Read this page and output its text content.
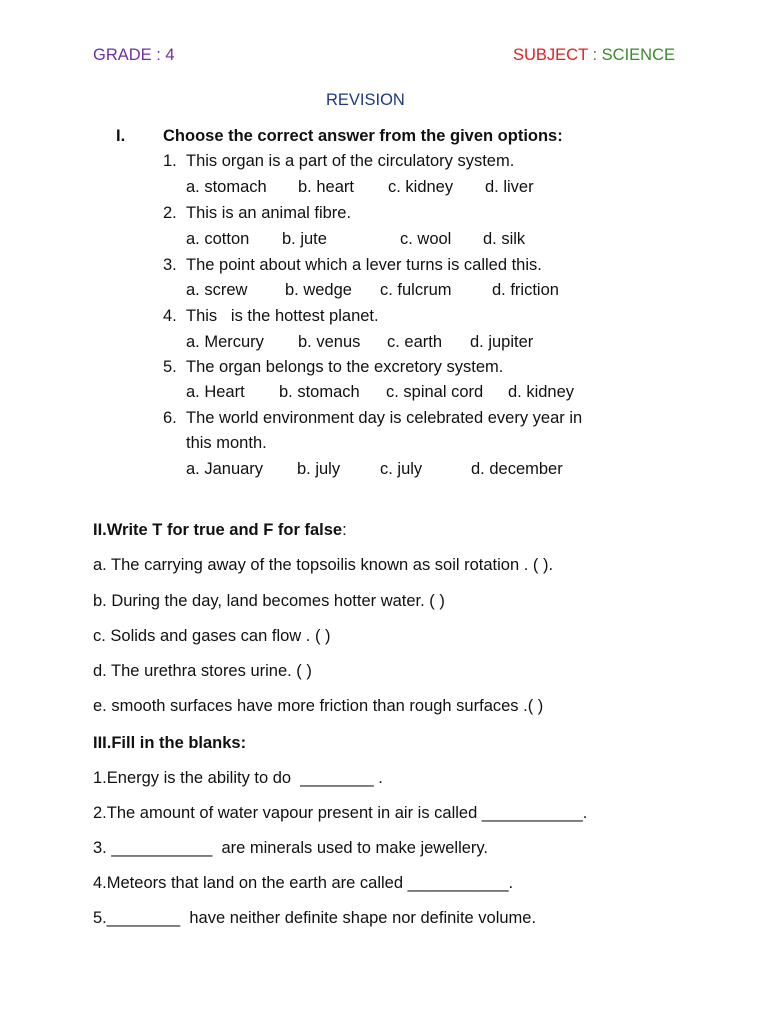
GRADE : 4	SUBJECT : SCIENCE
REVISION
I. Choose the correct answer from the given options:
1. This organ is a part of the circulatory system.
a. stomach b. heart c. kidney d. liver
2. This is an animal fibre.
a. cotton b. jute	c. wool d. silk
3. The point about which a lever turns is called this.
a. screw b. wedge c. fulcrum d. friction
4. This   is the hottest planet.
a. Mercury b. venus c. earth d. jupiter
5. The organ belongs to the excretory system.
a. Heart b. stomach c. spinal cord d. kidney
6. The world environment day is celebrated every year in
this month.
a. January b. july c. july	d. december
II.Write T for true and F for false:
a. The carrying away of the topsoilis known as soil rotation . ( ).
b. During the day, land becomes hotter water. ( )
c. Solids and gases can flow . ( )
d. The urethra stores urine. ( )
e. smooth surfaces have more friction than rough surfaces .( )
III.Fill in the blanks:
1.Energy is the ability to do  ________ .
2.The amount of water vapour present in air is called ___________.
3. ___________  are minerals used to make jewellery.
4.Meteors that land on the earth are called ___________.
5.________  have neither definite shape nor definite volume.
